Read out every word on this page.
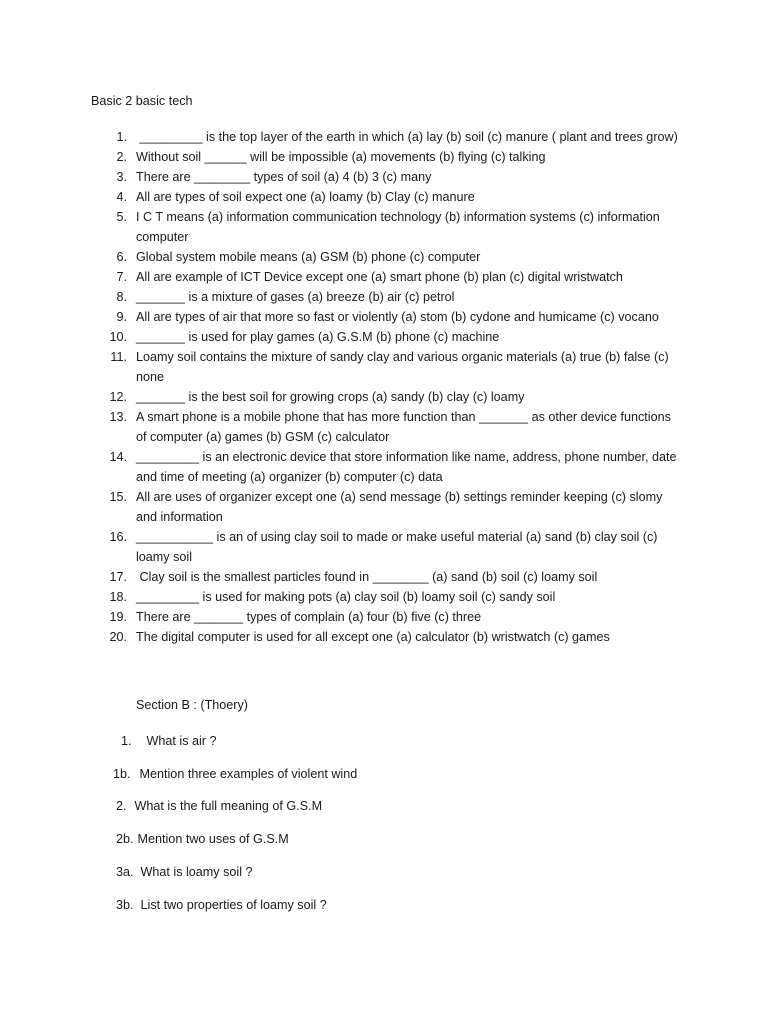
Basic 2 basic tech
1. _________ is the top layer of the earth in which (a) lay (b) soil (c) manure ( plant and trees grow)
2. Without soil ______ will be impossible (a) movements (b) flying (c) talking
3. There are ________ types of soil (a) 4 (b) 3 (c) many
4. All are types of soil expect one (a) loamy (b) Clay (c) manure
5. I C T means (a) information communication technology (b) information systems (c) information computer
6. Global system mobile means (a) GSM (b) phone (c) computer
7. All are example of ICT Device except one (a) smart phone (b) plan (c) digital wristwatch
8. _______ is a mixture of gases (a) breeze (b) air (c) petrol
9. All are types of air that more so fast or violently (a) stom (b) cydone and humicame (c) vocano
10. _______ is used for play games (a) G.S.M (b) phone (c) machine
11. Loamy soil contains the mixture of sandy clay and various organic materials (a) true (b) false (c) none
12. _______ is the best soil for growing crops (a) sandy (b) clay (c) loamy
13. A smart phone is a mobile phone that has more function than _______ as other device functions of computer (a) games (b) GSM (c) calculator
14. _________ is an electronic device that store information like name, address, phone number, date and time of meeting (a) organizer (b) computer (c) data
15. All are uses of organizer except one (a) send message (b) settings reminder keeping (c) slomy and information
16. ___________ is an of using clay soil to made or make useful material (a) sand (b) clay soil (c) loamy soil
17. Clay soil is the smallest particles found in ________ (a) sand (b) soil (c) loamy soil
18. _________ is used for making pots (a) clay soil (b) loamy soil (c) sandy soil
19. There are _______ types of complain (a) four (b) five (c) three
20. The digital computer is used for all except one (a) calculator (b) wristwatch (c) games
Section B : (Thoery)
1. What is air ?
1b. Mention three examples of violent wind
2. What is the full meaning of G.S.M
2b. Mention two uses of G.S.M
3a. What is loamy soil ?
3b. List two properties of loamy soil ?
